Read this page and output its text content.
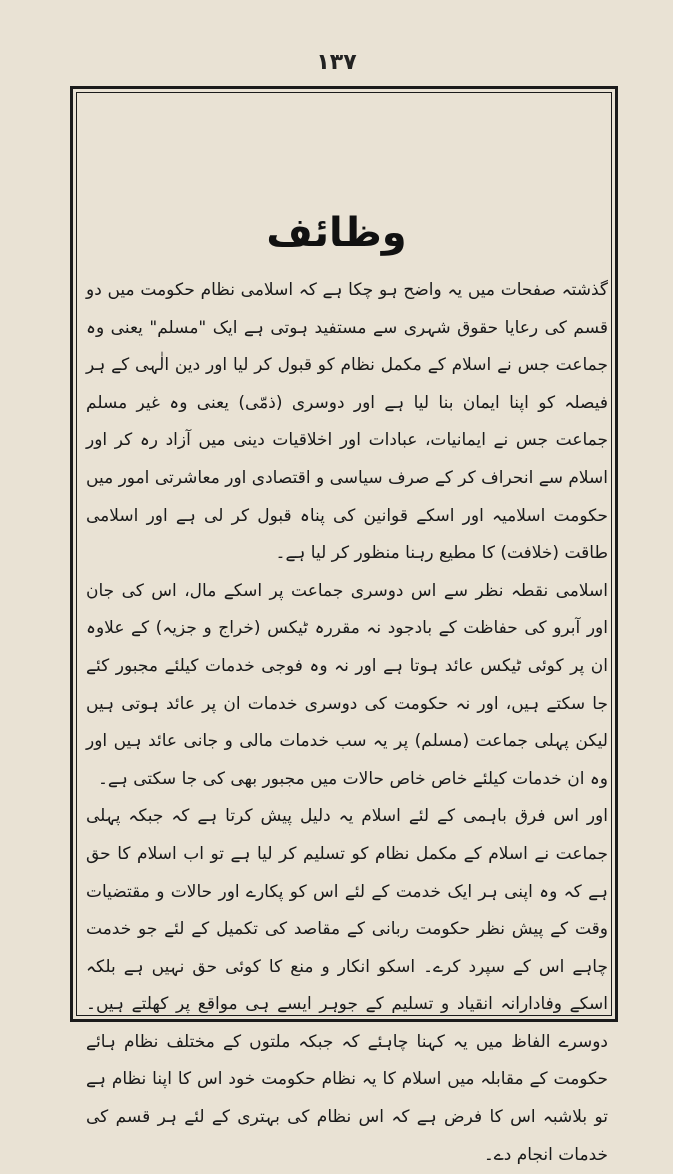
۱۳۷
وظائف

گذشتہ صفحات میں یہ واضح ہو چکا ہے کہ اسلامی نظام حکومت میں دو قسم کی رعایا حقوق شہری سے مستفید ہوتی ہے ایک "مسلم" یعنی وہ جماعت جس نے اسلام کے مکمل نظام کو قبول کر لیا اور دین الٰہی کے ہر فیصلہ کو اپنا ایمان بنا لیا ہے اور دوسری (ذمّی) یعنی وہ غیر مسلم جماعت جس نے ایمانیات، عبادات اور اخلاقیات دینی میں آزاد رہ کر اور اسلام سے انحراف کر کے صرف سیاسی و اقتصادی اور معاشرتی امور میں حکومت اسلامیہ اور اسکے قوانین کی پناہ قبول کر لی ہے اور اسلامی طاقت (خلافت) کا مطیع رہنا منظور کر لیا ہے۔

اسلامی نقطہ نظر سے اس دوسری جماعت پر اسکے مال، اس کی جان اور آبرو کی حفاظت کے بادجود نہ مقررہ ٹیکس (خراج و جزیہ) کے علاوہ ان پر کوئی ٹیکس عائد ہوتا ہے اور نہ وہ فوجی خدمات کیلئے مجبور کئے جا سکتے ہیں، اور نہ حکومت کی دوسری خدمات ان پر عائد ہوتی ہیں لیکن پہلی جماعت (مسلم) پر یہ سب خدمات مالی و جانی عائد ہیں اور وہ ان خدمات کیلئے خاص خاص حالات میں مجبور بھی کی جا سکتی ہے۔

اور اس فرق باہمی کے لئے اسلام یہ دلیل پیش کرتا ہے کہ جبکہ پہلی جماعت نے اسلام کے مکمل نظام کو تسلیم کر لیا ہے تو اب اسلام کا حق ہے کہ وہ اپنی ہر ایک خدمت کے لئے اس کو پکارے اور حالات و مقتضیات وقت کے پیش نظر حکومت ربانی کے مقاصد کی تکمیل کے لئے جو خدمت چاہے اس کے سپرد کرے۔ اسکو انکار و منع کا کوئی حق نہیں ہے بلکہ اسکے وفادارانہ انقیاد و تسلیم کے جوہر ایسے ہی مواقع پر کھلتے ہیں۔ دوسرے الفاظ میں یہ کہنا چاہئے کہ جبکہ ملتوں کے مختلف نظام ہائے حکومت کے مقابلہ میں اسلام کا یہ نظام حکومت خود اس کا اپنا نظام ہے تو بلاشبہ اس کا فرض ہے کہ اس نظام کی بہتری کے لئے ہر قسم کی خدمات انجام دے۔
